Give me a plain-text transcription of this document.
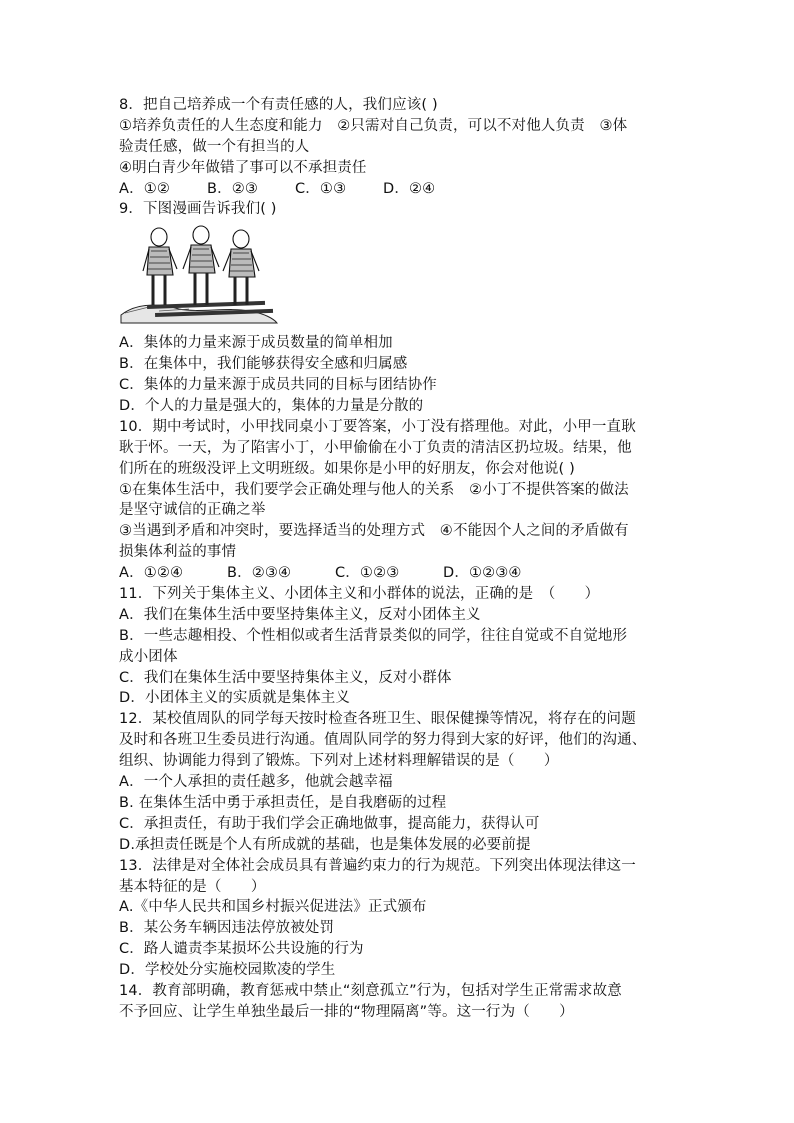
8．把自己培养成一个有责任感的人，我们应该( )
①培养负责任的人生态度和能力　②只需对自己负责，可以不对他人负责　③体
验责任感，做一个有担当的人
④明白青少年做错了事可以不承担责任
A．①②	B．②③	C．①③	D．②④
9．下图漫画告诉我们( )
A．集体的力量来源于成员数量的简单相加
B．在集体中，我们能够获得安全感和归属感
C．集体的力量来源于成员共同的目标与团结协作
D．个人的力量是强大的，集体的力量是分散的
10．期中考试时，小甲找同桌小丁要答案，小丁没有搭理他。对此，小甲一直耿
耿于怀。一天，为了陷害小丁，小甲偷偷在小丁负责的清洁区扔垃圾。结果，他
们所在的班级没评上文明班级。如果你是小甲的好朋友，你会对他说( )
①在集体生活中，我们要学会正确处理与他人的关系　②小丁不提供答案的做法
是坚守诚信的正确之举
③当遇到矛盾和冲突时，要选择适当的处理方式　④不能因个人之间的矛盾做有
损集体利益的事情
A．①②④	B．②③④	C．①②③	D．①②③④
11．下列关于集体主义、小团体主义和小群体的说法，正确的是　（　　）
A．我们在集体生活中要坚持集体主义，反对小团体主义
B．一些志趣相投、个性相似或者生活背景类似的同学，往往自觉或不自觉地形
成小团体
C．我们在集体生活中要坚持集体主义，反对小群体
D．小团体主义的实质就是集体主义
12．某校值周队的同学每天按时检查各班卫生、眼保健操等情况，将存在的问题
及时和各班卫生委员进行沟通。值周队同学的努力得到大家的好评，他们的沟通、
组织、协调能力得到了锻炼。下列对上述材料理解错误的是（　　）
A．一个人承担的责任越多，他就会越幸福
B. 在集体生活中勇于承担责任，是自我磨砺的过程
C．承担责任，有助于我们学会正确地做事，提高能力，获得认可
D.承担责任既是个人有所成就的基础，也是集体发展的必要前提
13．法律是对全体社会成员具有普遍约束力的行为规范。下列突出体现法律这一
基本特征的是（　　）
A.《中华人民共和国乡村振兴促进法》正式颁布
B．某公务车辆因违法停放被处罚
C．路人谴责李某损坏公共设施的行为
D．学校处分实施校园欺凌的学生
14．教育部明确，教育惩戒中禁止“刻意孤立”行为，包括对学生正常需求故意
不予回应、让学生单独坐最后一排的“物理隔离”等。这一行为（　　）
